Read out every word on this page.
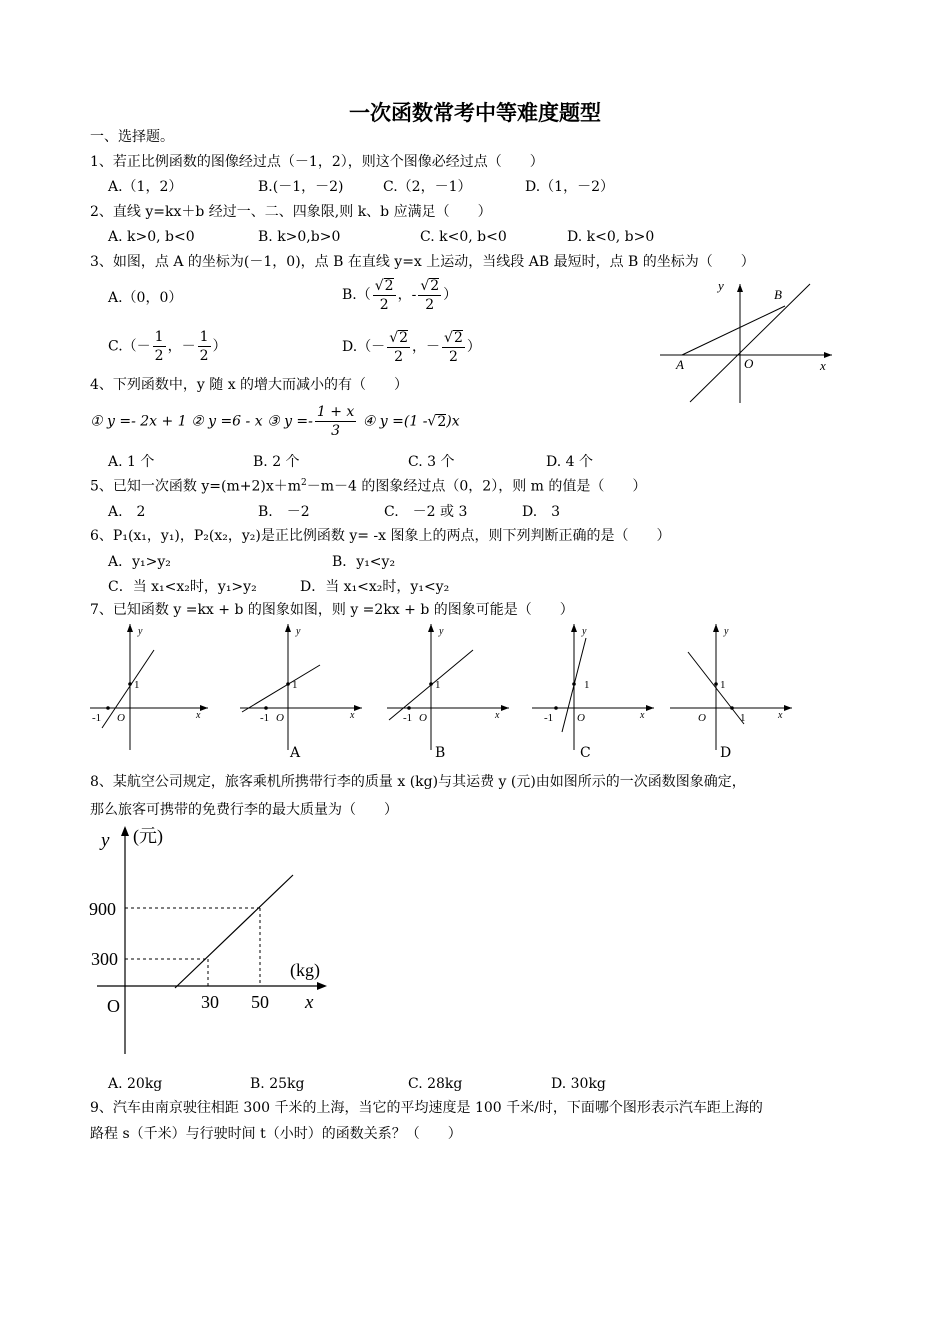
一次函数常考中等难度题型
一、选择题。
1、若正比例函数的图像经过点（－1，2），则这个图像必经过点（　　）
A.（1，2）	B.(－1，－2)	C.（2，－1）	D.（1，－2）
2、直线 y=kx＋b 经过一、二、四象限,则 k、b 应满足（　　）
A. k>0, b<0	B. k>0,b>0	C. k<0, b<0	D. k<0, b>0
3、如图，点 A 的坐标为(－1，0)，点 B 在直线 y=x 上运动，当线段 AB 最短时，点 B 的坐标为（　　）
A.（0，0）	$B.( \frac{√2}{2}$ ，- $\frac{√2}{2}$ ）
$C.(- \frac{1}{2}$ ，－ $\frac{1}{2}$ ）	$D.(- \frac{√2}{2}$ ，－ $\frac{√2}{2}$ ）
y
x
A	O
B
4、下列函数中，y 随 x 的增大而减小的有（　　）
① y =- 2x + 1 ② y =6 - x ③ $y =- \frac{1 + x}{3}$ ④ y =(1 -√2)x
A. 1 个	B. 2 个	C. 3 个	D. 4 个
5、已知一次函数 $y=(m+2)x+m^2-m-4$ 的图象经过点（0，2），则 m 的值是（　　）
A.　2	B.　－2	C.　－2 或 3	D.　3
6、P₁(x₁，y₁)，P₂(x₂，y₂)是正比例函数 y= -x 图象上的两点，则下列判断正确的是（　　）
A．y₁>y₂	B．y₁<y₂
C．当 x₁<x₂时，y₁>y₂	D．当 x₁<x₂时，y₁<y₂
7、已知函数 y =kx + b 的图象如图，则 y =2kx + b 的图象可能是（　　）
y
x
1
-1 O
y
x
1
-1 O
y
x
1
-1 O
y
x
1
-1 O
y
x
1
O	1
A	B	C	D
8、某航空公司规定，旅客乘机所携带行李的质量 x (kg)与其运费 y (元)由如图所示的一次函数图象确定，
那么旅客可携带的免费行李的最大质量为（　　）
y (元)
900
300
(kg)
O	30 50 x
A. 20kg	B. 25kg	C. 28kg	D. 30kg
9、汽车由南京驶往相距 300 千米的上海，当它的平均速度是 100 千米/时，下面哪个图形表示汽车距上海的
路程 s（千米）与行驶时间 t（小时）的函数关系？（　　）
